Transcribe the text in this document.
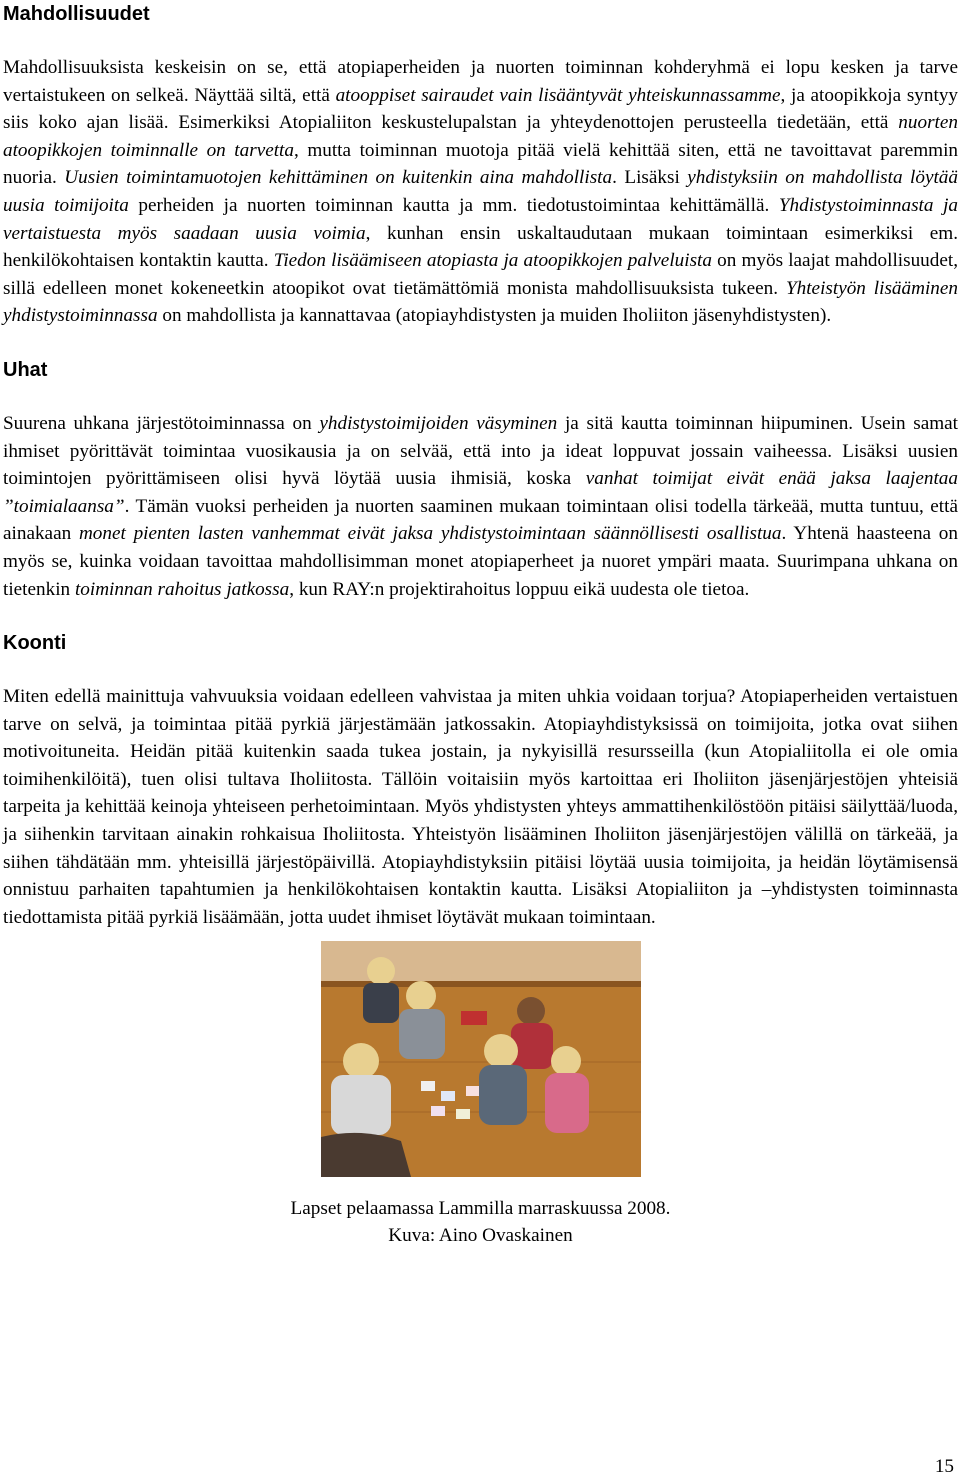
Mahdollisuudet

Mahdollisuuksista keskeisin on se, että atopiaperheiden ja nuorten toiminnan kohderyhmä ei lopu kesken ja tarve vertaistukeen on selkeä. Näyttää siltä, että atooppiset sairaudet vain lisääntyvät yhteiskunnassamme, ja atoopikkoja syntyy siis koko ajan lisää. Esimerkiksi Atopialiiton keskustelupalstan ja yhteydenottojen perusteella tiedetään, että nuorten atoopikkojen toiminnalle on tarvetta, mutta toiminnan muotoja pitää vielä kehittää siten, että ne tavoittavat paremmin nuoria. Uusien toimintamuotojen kehittäminen on kuitenkin aina mahdollista. Lisäksi yhdistyksiin on mahdollista löytää uusia toimijoita perheiden ja nuorten toiminnan kautta ja mm. tiedotustoimintaa kehittämällä. Yhdistystoiminnasta ja vertaistuesta myös saadaan uusia voimia, kunhan ensin uskaltaudutaan mukaan toimintaan esimerkiksi em. henkilökohtaisen kontaktin kautta. Tiedon lisäämiseen atopiasta ja atoopikkojen palveluista on myös laajat mahdollisuudet, sillä edelleen monet kokeneetkin atoopikot ovat tietämättömiä monista mahdollisuuksista tukeen. Yhteistyön lisääminen yhdistystoiminnassa on mahdollista ja kannattavaa (atopiayhdistysten ja muiden Iholiiton jäsenyhdistysten).

Uhat

Suurena uhkana järjestötoiminnassa on yhdistystoimijoiden väsyminen ja sitä kautta toiminnan hiipuminen. Usein samat ihmiset pyörittävät toimintaa vuosikausia ja on selvää, että into ja ideat loppuvat jossain vaiheessa. Lisäksi uusien toimintojen pyörittämiseen olisi hyvä löytää uusia ihmisiä, koska vanhat toimijat eivät enää jaksa laajentaa ”toimialaansa”. Tämän vuoksi perheiden ja nuorten saaminen mukaan toimintaan olisi todella tärkeää, mutta tuntuu, että ainakaan monet pienten lasten vanhemmat eivät jaksa yhdistystoimintaan säännöllisesti osallistua. Yhtenä haasteena on myös se, kuinka voidaan tavoittaa mahdollisimman monet atopiaperheet ja nuoret ympäri maata. Suurimpana uhkana on tietenkin toiminnan rahoitus jatkossa, kun RAY:n projektirahoitus loppuu eikä uudesta ole tietoa.

Koonti

Miten edellä mainittuja vahvuuksia voidaan edelleen vahvistaa ja miten uhkia voidaan torjua? Atopiaperheiden vertaistuen tarve on selvä, ja toimintaa pitää pyrkiä järjestämään jatkossakin. Atopiayhdistyksissä on toimijoita, jotka ovat siihen motivoituneita. Heidän pitää kuitenkin saada tukea jostain, ja nykyisillä resursseilla (kun Atopialiitolla ei ole omia toimihenkilöitä), tuen olisi tultava Iholiitosta. Tällöin voitaisiin myös kartoittaa eri Iholiiton jäsenjärjestöjen yhteisiä tarpeita ja kehittää keinoja yhteiseen perhetoimintaan. Myös yhdistysten yhteys ammattihenkilöstöön pitäisi säilyttää/luoda, ja siihenkin tarvitaan ainakin rohkaisua Iholiitosta. Yhteistyön lisääminen Iholiiton jäsenjärjestöjen välillä on tärkeää, ja siihen tähdätään mm. yhteisillä järjestöpäivillä. Atopiayhdistyksiin pitäisi löytää uusia toimijoita, ja heidän löytämisensä onnistuu parhaiten tapahtumien ja henkilökohtaisen kontaktin kautta. Lisäksi Atopialiiton ja –yhdistysten toiminnasta tiedottamista pitää pyrkiä lisäämään, jotta uudet ihmiset löytävät mukaan toimintaan.

Lapset pelaamassa Lammilla marraskuussa 2008.
Kuva: Aino Ovaskainen
15
